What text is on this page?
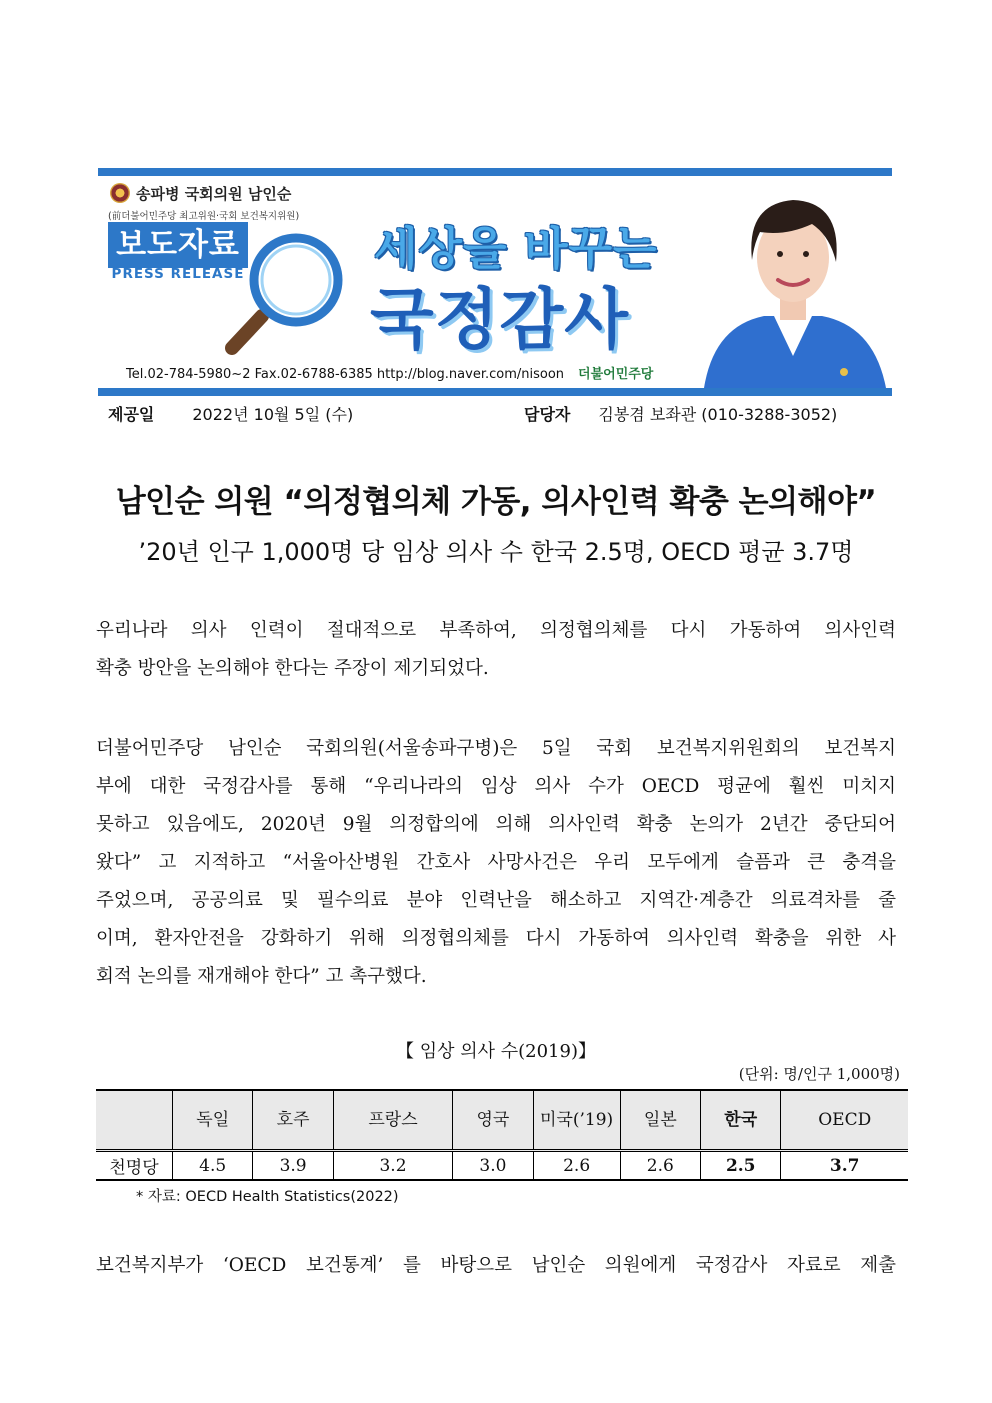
송파병 국회의원 남인순
(前더불어민주당 최고위원·국회 보건복지위원)
보도자료
PRESS RELEASE	세상을 바꾸는
국정감사
Tel.02-784-5980~2 Fax.02-6788-6385 http://blog.naver.com/nisoon 더불어민주당
제공일 2022년 10월 5일 (수)	담당자 김봉겸 보좌관 (010-3288-3052)
남인순 의원 “의정협의체 가동, 의사인력 확충 논의해야”
’20년 인구 1,000명 당 임상 의사 수 한국 2.5명, OECD 평균 3.7명
우리나라 의사 인력이 절대적으로 부족하여, 의정협의체를 다시 가동하여 의사인력
확충 방안을 논의해야 한다는 주장이 제기되었다.
더불어민주당 남인순 국회의원(서울송파구병)은 5일 국회 보건복지위원회의 보건복지
부에 대한 국정감사를 통해 “우리나라의 임상 의사 수가 OECD 평균에 훨씬 미치지
못하고 있음에도, 2020년 9월 의정합의에 의해 의사인력 확충 논의가 2년간 중단되어
왔다” 고 지적하고 “서울아산병원 간호사 사망사건은 우리 모두에게 슬픔과 큰 충격을
주었으며, 공공의료 및 필수의료 분야 인력난을 해소하고 지역간·계층간 의료격차를 줄
이며, 환자안전을 강화하기 위해 의정협의체를 다시 가동하여 의사인력 확충을 위한 사
회적 논의를 재개해야 한다” 고 촉구했다.
【 임상 의사 수(2019)】
(단위: 명/인구 1,000명)
	독일	호주	프랑스	영국	미국(’19)	일본	한국	OECD
천명당	4.5	3.9	3.2	3.0	2.6	2.6	2.5	3.7
* 자료: OECD Health Statistics(2022)
보건복지부가 ‘OECD 보건통계’ 를 바탕으로 남인순 의원에게 국정감사 자료로 제출
